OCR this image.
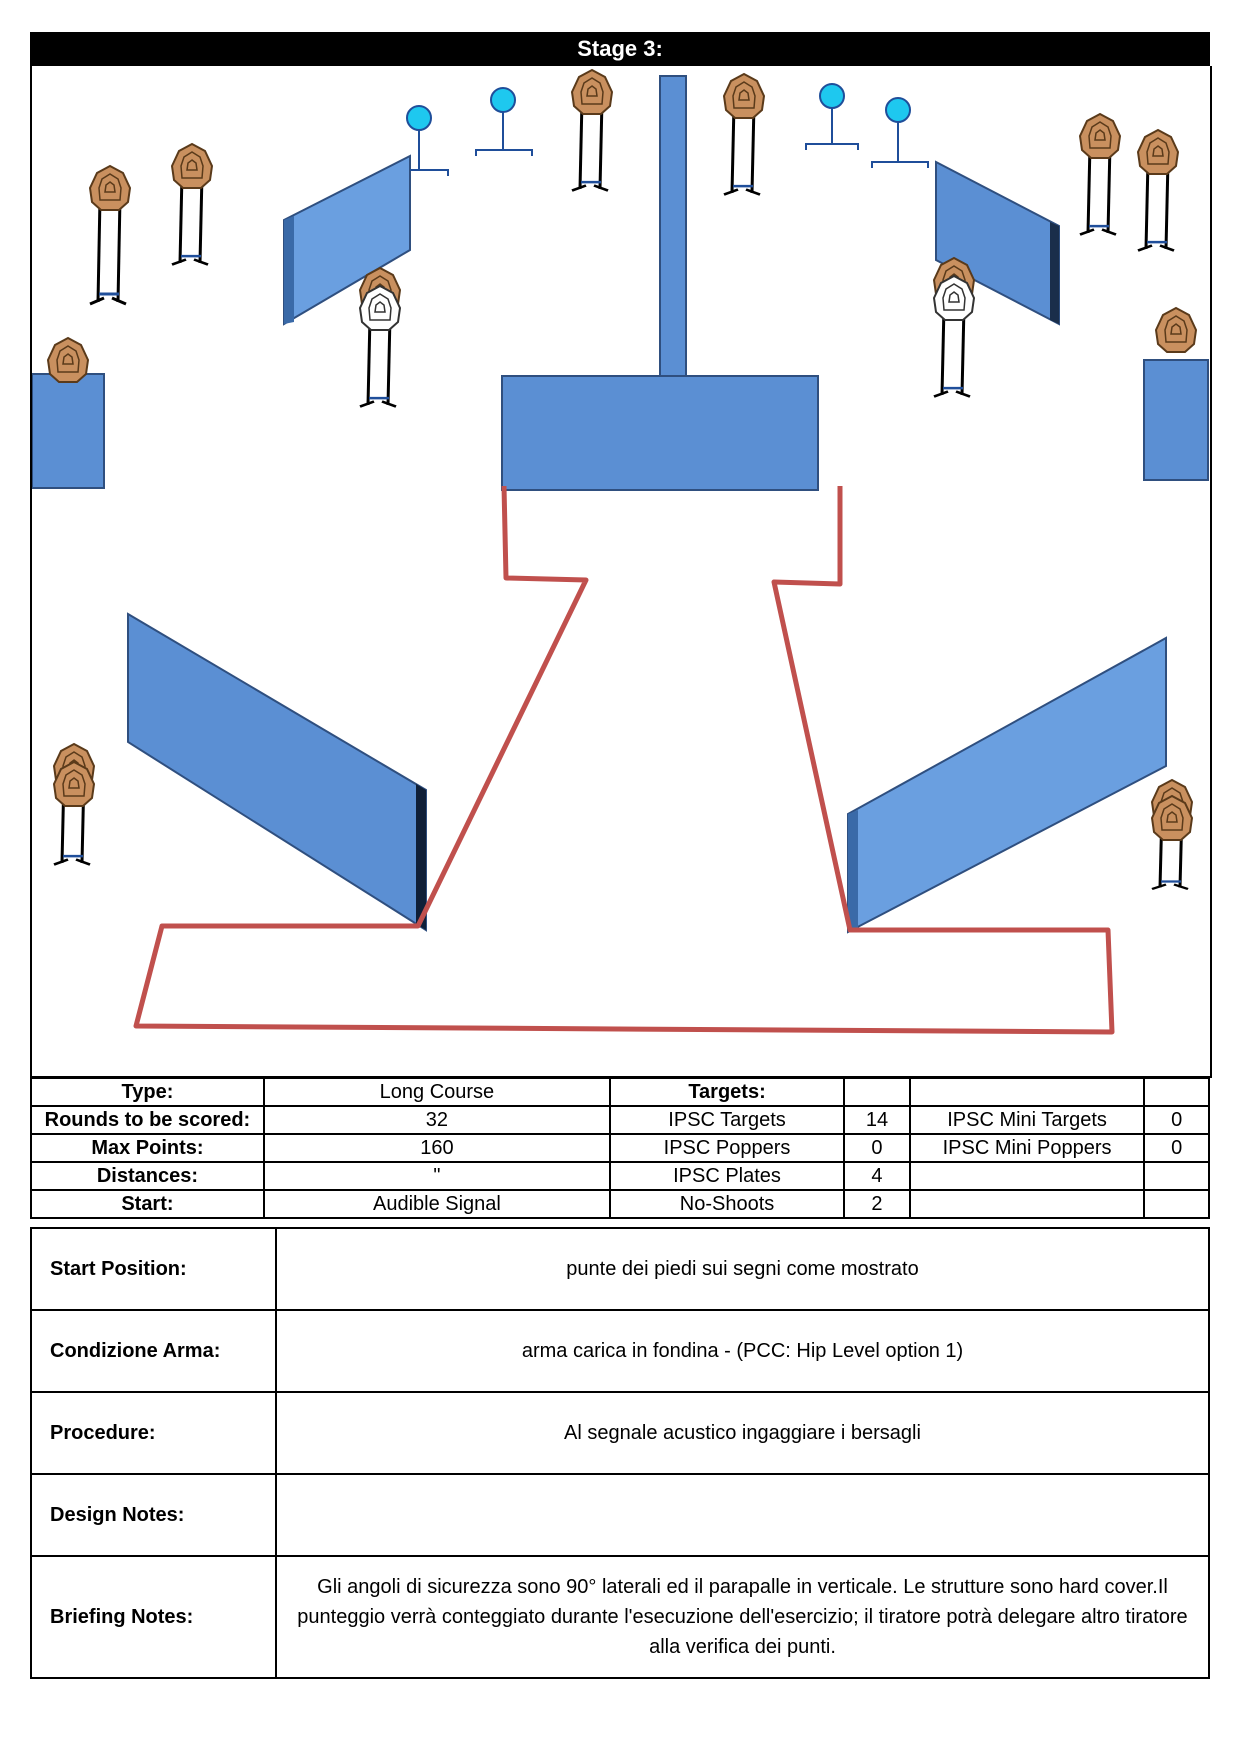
Stage 3:
Type:	Long Course	Targets:			
Rounds to be scored:	32	IPSC Targets	14	IPSC Mini Targets	0
Max Points:	160	IPSC Poppers	0	IPSC Mini Poppers	0
Distances:	"	IPSC Plates	4		
Start:	Audible Signal	No-Shoots	2		
Start Position:	punte dei piedi sui segni come mostrato
Condizione Arma:	arma carica in fondina - (PCC: Hip Level option 1)
Procedure:	Al segnale acustico ingaggiare i bersagli
Design Notes:	
Briefing Notes:	Gli angoli di sicurezza sono 90° laterali ed il parapalle in verticale. Le strutture sono hard cover.Il punteggio verrà conteggiato durante l'esecuzione dell'esercizio; il tiratore potrà delegare altro tiratore alla verifica dei punti.
